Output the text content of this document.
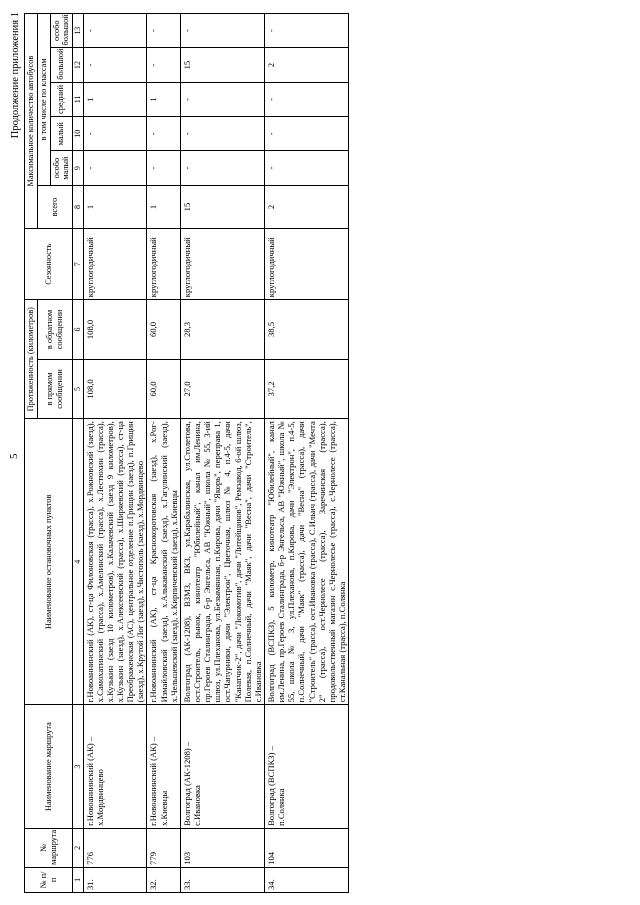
5
Продолжение приложения 1
№ п/п	№ маршрута	Наименование маршрута	Наименование остановочных пунктов	Протяженность (километров)		Сезонность	Максимальное количество автобусов					
				в прямом сообщении	в обратном сообщении		всего	в том числе по классам				
								особо малый	малый	средний	большой	особо большой
1	2	3	4	5	6	7	8	9	10	11	12	13
31.	776	г.Новоаннинский (АК) – х.Мордвинцево	г.Новоаннинский (АК), ст-ца Филоновская (трасса), х.Рожновский (заезд), х.Самохатинский (трасса), х.Амелинский (трасса), х.Лестюхин (трасса), х.Кузькин (заезд 10 километров), х.Калачевский (заезд 9 километров), х.Кузькин (заезд), х.Алексеевский (трасса), х.Ширяевский (трасса), ст-ца Преображенская (АС), центральное отделение п.Грищин (заезд), п.Грищин (заезд), х.Крутой Лог (заезд), х.Чистополь (заезд), х.Мордвинцево	108,0	108,0	круглогодичный	1	-	-	1	-	-
32.	779	г.Новоаннинский (АК) – х.Киевцы	г.Новоаннинский (АК), ст-ца Краснокоротовская (заезд), х.Рог-Измайловский (заезд), х.Алькаванский (заезд), х.Гагулинский (заезд), х.Чельшевский (заезд), х.Кирпичевский (заезд), х.Киевцы	60,0	60,0	круглогодичный	1	-	-	1	-	-
33.	103	Волгоград (АК-1208) – с.Ивановка	Волгоград (АК-1208), ВЗМЗ, ВКЗ, ул.Карабалинская, ул.Столетова, ост.Строитель, рынок, кинотеатр "Юбилейный", канал им.Ленина, пр.Героев Сталинграда, б-р Энгельса, АВ "Южный", школа № 55, 3-ий шлюз, ул.Плеханова, ул.Безымянная, п.Кирова, дачи "Якорь", переправа 1, ост.Чапурники, дачи "Электрон", Цветочная, шлюз № 4, п.4-5, дачи "Канатчик-2", дачи "Локомотив", дачи "Литейщиков", Ремзавод, 6-ой шлюз, Полевая, п.Солнечный, дачи "Маяк", дачи "Весна", дачи "Строитель", с.Ивановка	27,0	28,3	круглогодичный	15	-	-	-	15	-
34.	104	Волгоград (ВСПКЗ) – п.Солянка	Волгоград (ВСПКЗ), 5 километр, кинотеатр "Юбилейный", канал им.Ленина, пр.Героев Сталинграда, б-р Энгельса, АВ "Южный", школа № 55, школа № 3, ул.Плеханова, п.Кирова, дачи "Электрон", п.4-5, п.Солнечный, дачи "Маяк" (трасса), дачи "Весна" (трасса), дачи "Строитель" (трасса), ост.Ивановка (трасса), С.Ильич (трасса), дачи "Мечта 2" (трасса), ост.Чернолесе (трасса), Заречинская (трасса), продовольственный магазин с.Чернолесье (трасса), с.Чернолесе (трасса), ст.Канальная (трасса), п.Солянка	37,2	38,5	круглогодичный	2	-	-	-	2	-
